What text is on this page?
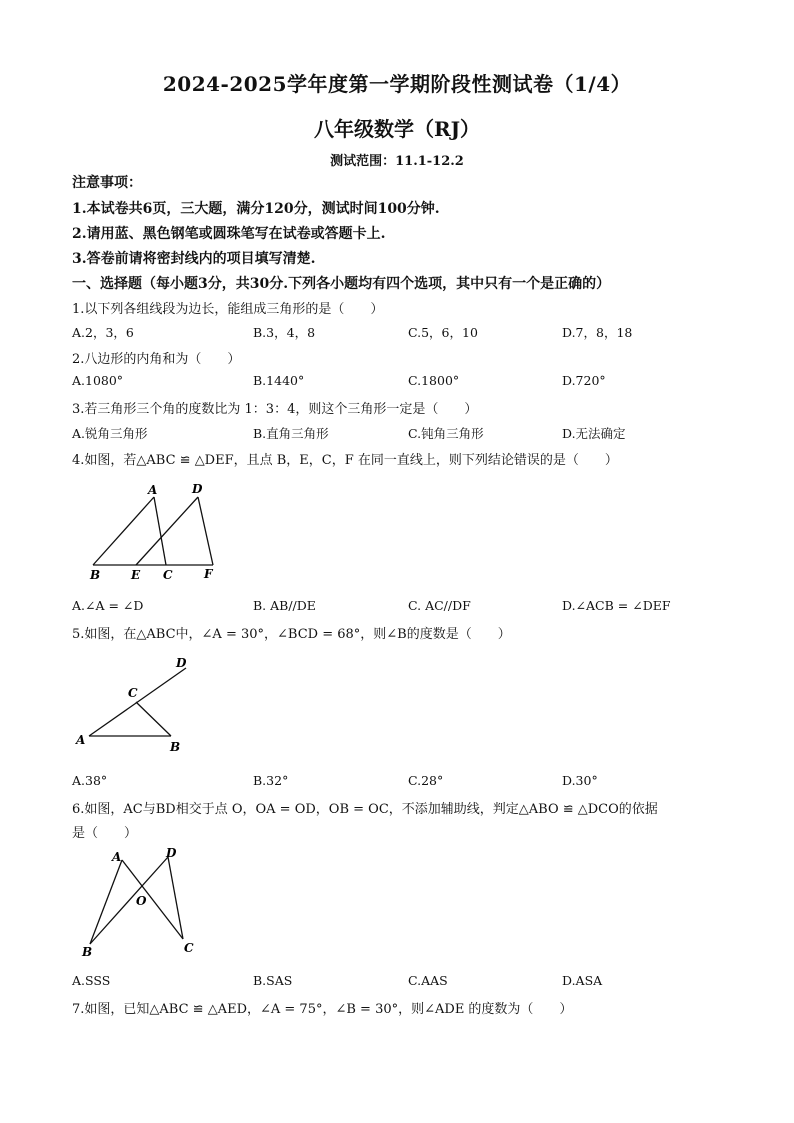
2024-2025学年度第一学期阶段性测试卷（1/4）
八年级数学（RJ）
测试范围：11.1-12.2
注意事项：
1.本试卷共6页，三大题，满分120分，测试时间100分钟.
2.请用蓝、黑色钢笔或圆珠笔写在试卷或答题卡上.
3.答卷前请将密封线内的项目填写清楚.
一、选择题（每小题3分，共30分.下列各小题均有四个选项，其中只有一个是正确的）
1.以下列各组线段为边长，能组成三角形的是（　　）
A.2，3，6	B.3，4，8	C.5，6，10	D.7，8，18
2.八边形的内角和为（　　）
A.1080°	B.1440°	C.1800°	D.720°
3.若三角形三个角的度数比为 1：3：4，则这个三角形一定是（　　）
A.锐角三角形	B.直角三角形	C.钝角三角形	D.无法确定
4.如图，若△ABC ≌ △DEF，且点 B，E，C，F 在同一直线上，则下列结论错误的是（　　）
A	D
B	E C	F
A.∠A = ∠D	B. AB//DE	C. AC//DF	D.∠ACB = ∠DEF
5.如图，在△ABC中，∠A = 30°，∠BCD = 68°，则∠B的度数是（　　）
D
C
A	B
A.38°	B.32°	C.28°	D.30°
6.如图，AC与BD相交于点 O，OA = OD，OB = OC，不添加辅助线，判定△ABO ≌ △DCO的依据
是（　　）
A	D
O
B	C
A.SSS	B.SAS	C.AAS	D.ASA
7.如图，已知△ABC ≌ △AED，∠A = 75°，∠B = 30°，则∠ADE 的度数为（　　）
